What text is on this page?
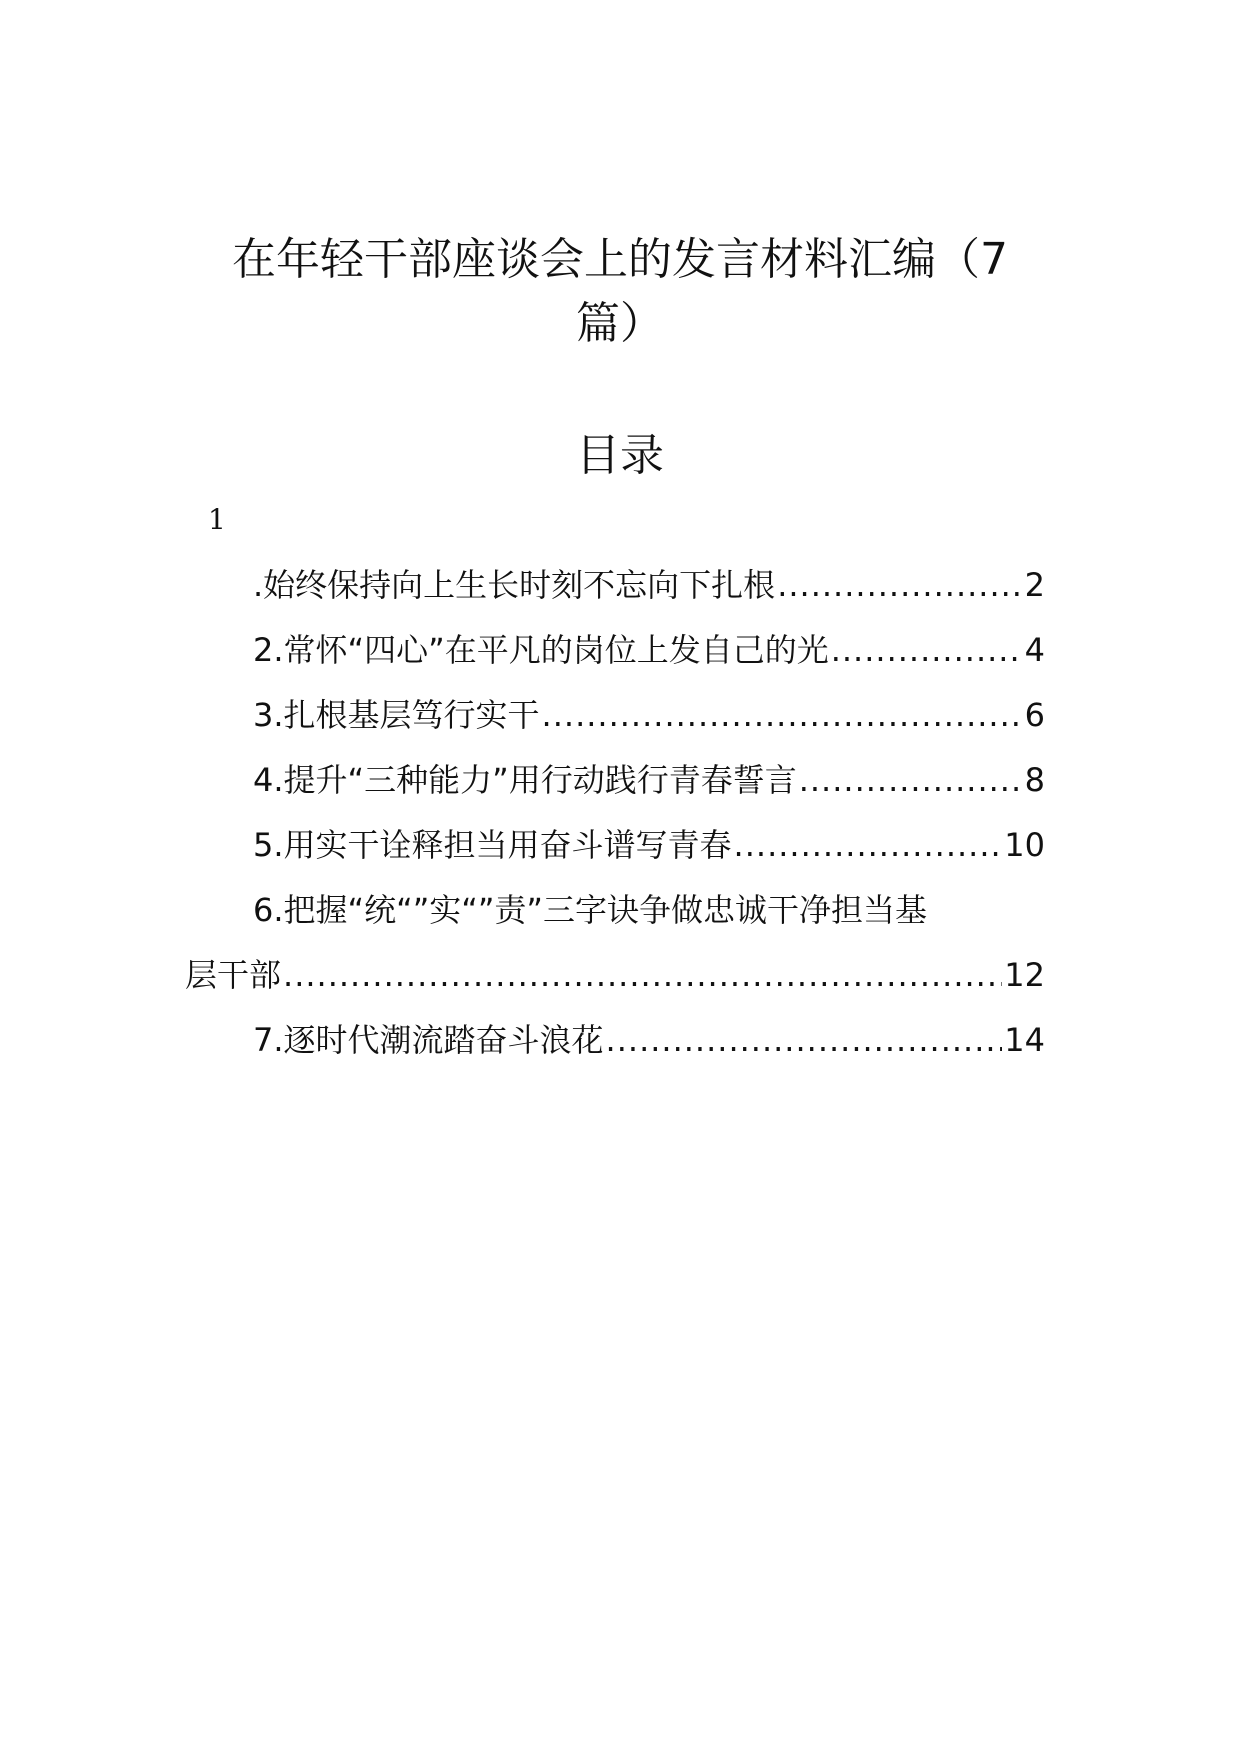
在年轻干部座谈会上的发言材料汇编（7
篇）
目录
1
.始终保持向上生长时刻不忘向下扎根 .....	2
2.常怀“四心”在平凡的岗位上发自己的光 .....	4
3.扎根基层笃行实干 .....	6
4.提升“三种能力”用行动践行青春誓言 .....	8
5.用实干诠释担当用奋斗谱写青春 .....	10
6.把握“统“”实“”责”三字诀争做忠诚干净担当基
层干部 .....	12
7.逐时代潮流踏奋斗浪花 .....	14
